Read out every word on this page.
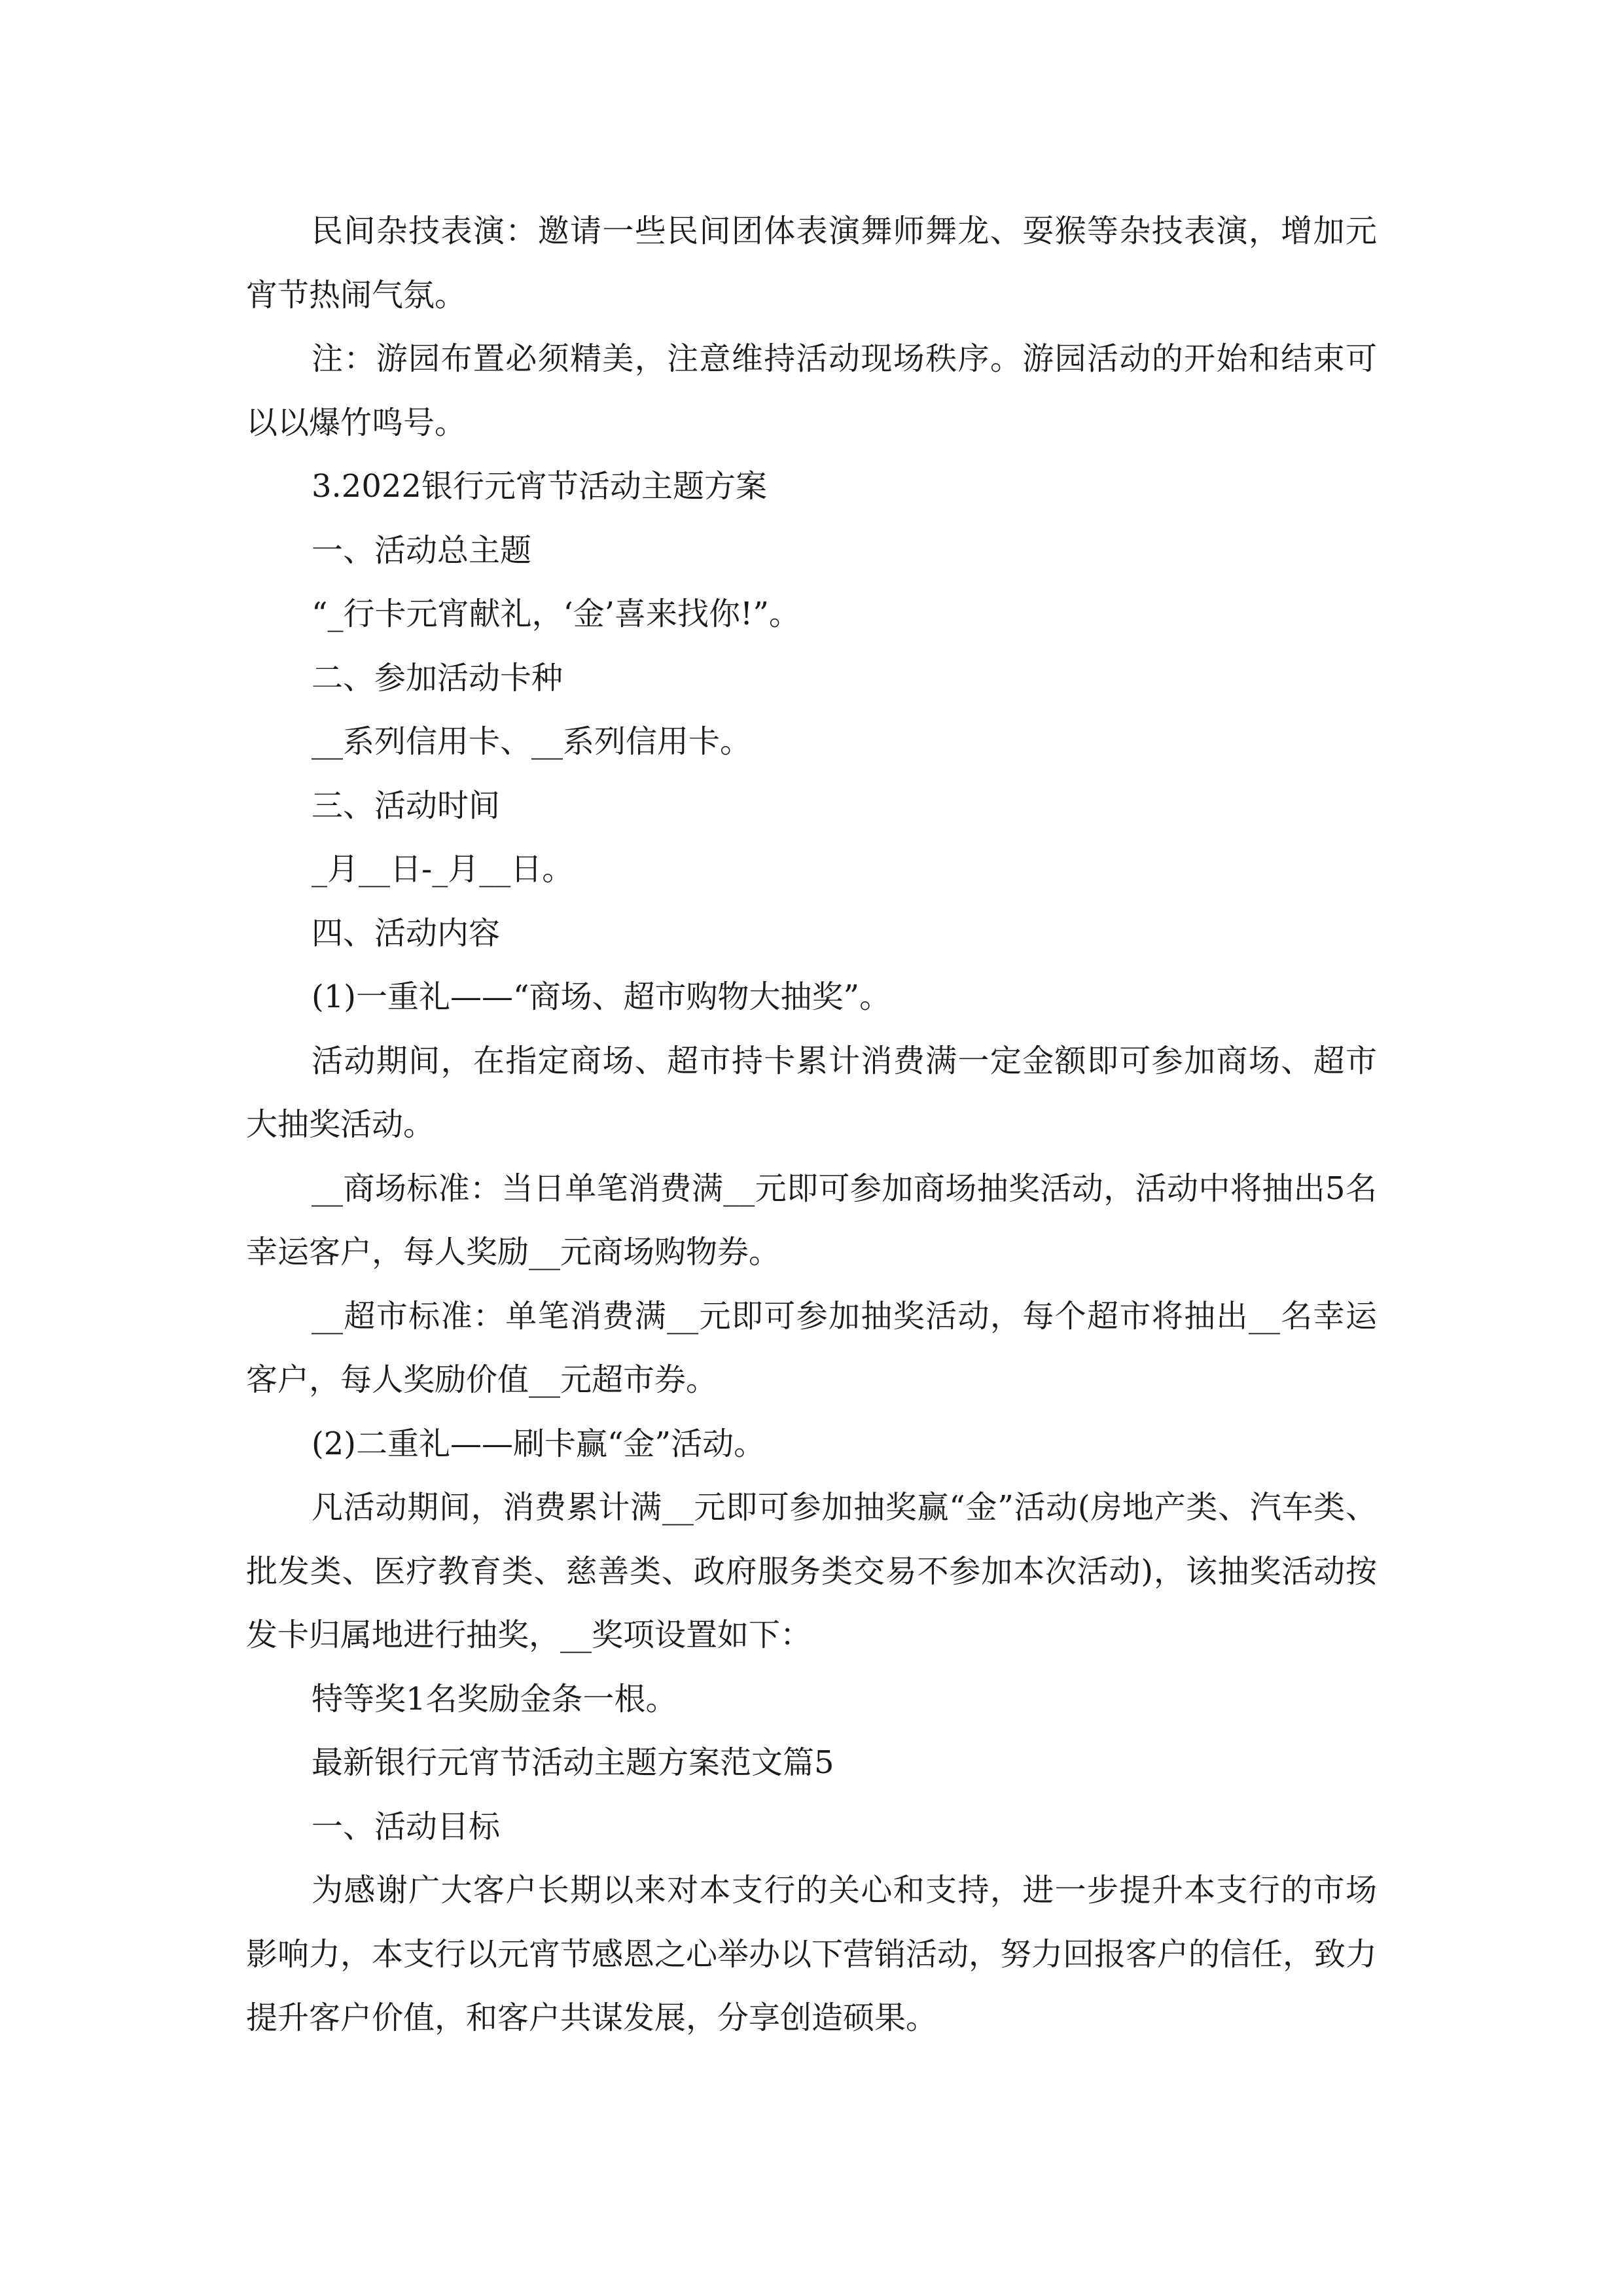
民间杂技表演：邀请一些民间团体表演舞师舞龙、耍猴等杂技表演，增加元宵节热闹气氛。

注：游园布置必须精美，注意维持活动现场秩序。游园活动的开始和结束可以以爆竹鸣号。

3.2022银行元宵节活动主题方案

一、活动总主题

“_行卡元宵献礼，‘金’喜来找你!”。

二、参加活动卡种

__系列信用卡、__系列信用卡。

三、活动时间

_月__日-_月__日。

四、活动内容

(1)一重礼——“商场、超市购物大抽奖”。

活动期间，在指定商场、超市持卡累计消费满一定金额即可参加商场、超市大抽奖活动。

__商场标准：当日单笔消费满__元即可参加商场抽奖活动，活动中将抽出5名幸运客户，每人奖励__元商场购物券。

__超市标准：单笔消费满__元即可参加抽奖活动，每个超市将抽出__名幸运客户，每人奖励价值__元超市券。

(2)二重礼——刷卡赢“金”活动。

凡活动期间，消费累计满__元即可参加抽奖赢“金”活动(房地产类、汽车类、批发类、医疗教育类、慈善类、政府服务类交易不参加本次活动)，该抽奖活动按发卡归属地进行抽奖，__奖项设置如下：

特等奖1名奖励金条一根。

最新银行元宵节活动主题方案范文篇5

一、活动目标

为感谢广大客户长期以来对本支行的关心和支持，进一步提升本支行的市场影响力，本支行以元宵节感恩之心举办以下营销活动，努力回报客户的信任，致力提升客户价值，和客户共谋发展，分享创造硕果。
